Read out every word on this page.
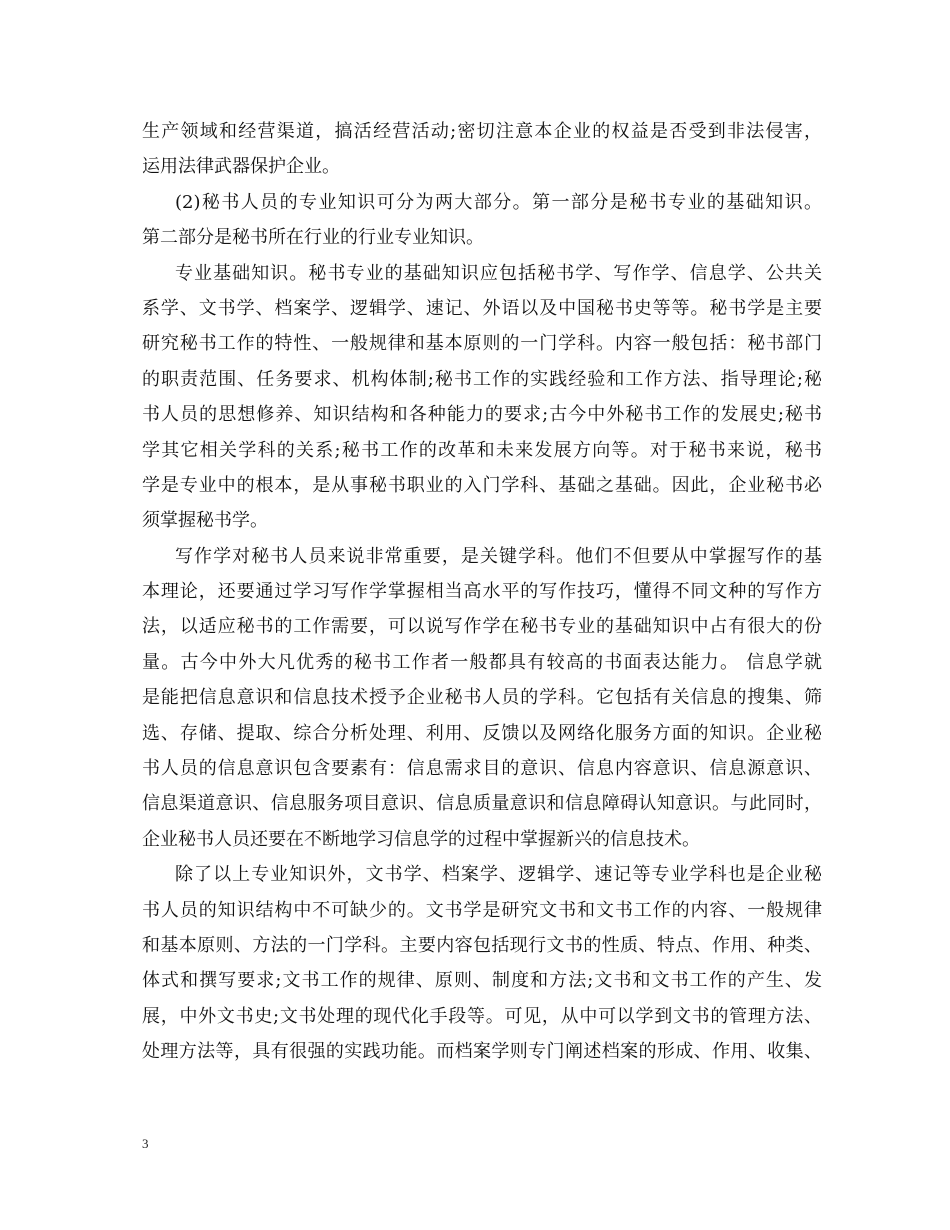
生产领域和经营渠道，搞活经营活动;密切注意本企业的权益是否受到非法侵害，
运用法律武器保护企业。
(2)秘书人员的专业知识可分为两大部分。第一部分是秘书专业的基础知识。
第二部分是秘书所在行业的行业专业知识。
专业基础知识。秘书专业的基础知识应包括秘书学、写作学、信息学、公共关
系学、文书学、档案学、逻辑学、速记、外语以及中国秘书史等等。秘书学是主要
研究秘书工作的特性、一般规律和基本原则的一门学科。内容一般包括：秘书部门
的职责范围、任务要求、机构体制;秘书工作的实践经验和工作方法、指导理论;秘
书人员的思想修养、知识结构和各种能力的要求;古今中外秘书工作的发展史;秘书
学其它相关学科的关系;秘书工作的改革和未来发展方向等。对于秘书来说，秘书
学是专业中的根本，是从事秘书职业的入门学科、基础之基础。因此，企业秘书必
须掌握秘书学。
写作学对秘书人员来说非常重要，是关键学科。他们不但要从中掌握写作的基
本理论，还要通过学习写作学掌握相当高水平的写作技巧，懂得不同文种的写作方
法，以适应秘书的工作需要，可以说写作学在秘书专业的基础知识中占有很大的份
量。古今中外大凡优秀的秘书工作者一般都具有较高的书面表达能力。 信息学就
是能把信息意识和信息技术授予企业秘书人员的学科。它包括有关信息的搜集、筛
选、存储、提取、综合分析处理、利用、反馈以及网络化服务方面的知识。企业秘
书人员的信息意识包含要素有：信息需求目的意识、信息内容意识、信息源意识、
信息渠道意识、信息服务项目意识、信息质量意识和信息障碍认知意识。与此同时，
企业秘书人员还要在不断地学习信息学的过程中掌握新兴的信息技术。
除了以上专业知识外，文书学、档案学、逻辑学、速记等专业学科也是企业秘
书人员的知识结构中不可缺少的。文书学是研究文书和文书工作的内容、一般规律
和基本原则、方法的一门学科。主要内容包括现行文书的性质、特点、作用、种类、
体式和撰写要求;文书工作的规律、原则、制度和方法;文书和文书工作的产生、发
展，中外文书史;文书处理的现代化手段等。可见，从中可以学到文书的管理方法、
处理方法等，具有很强的实践功能。而档案学则专门阐述档案的形成、作用、收集、
3
